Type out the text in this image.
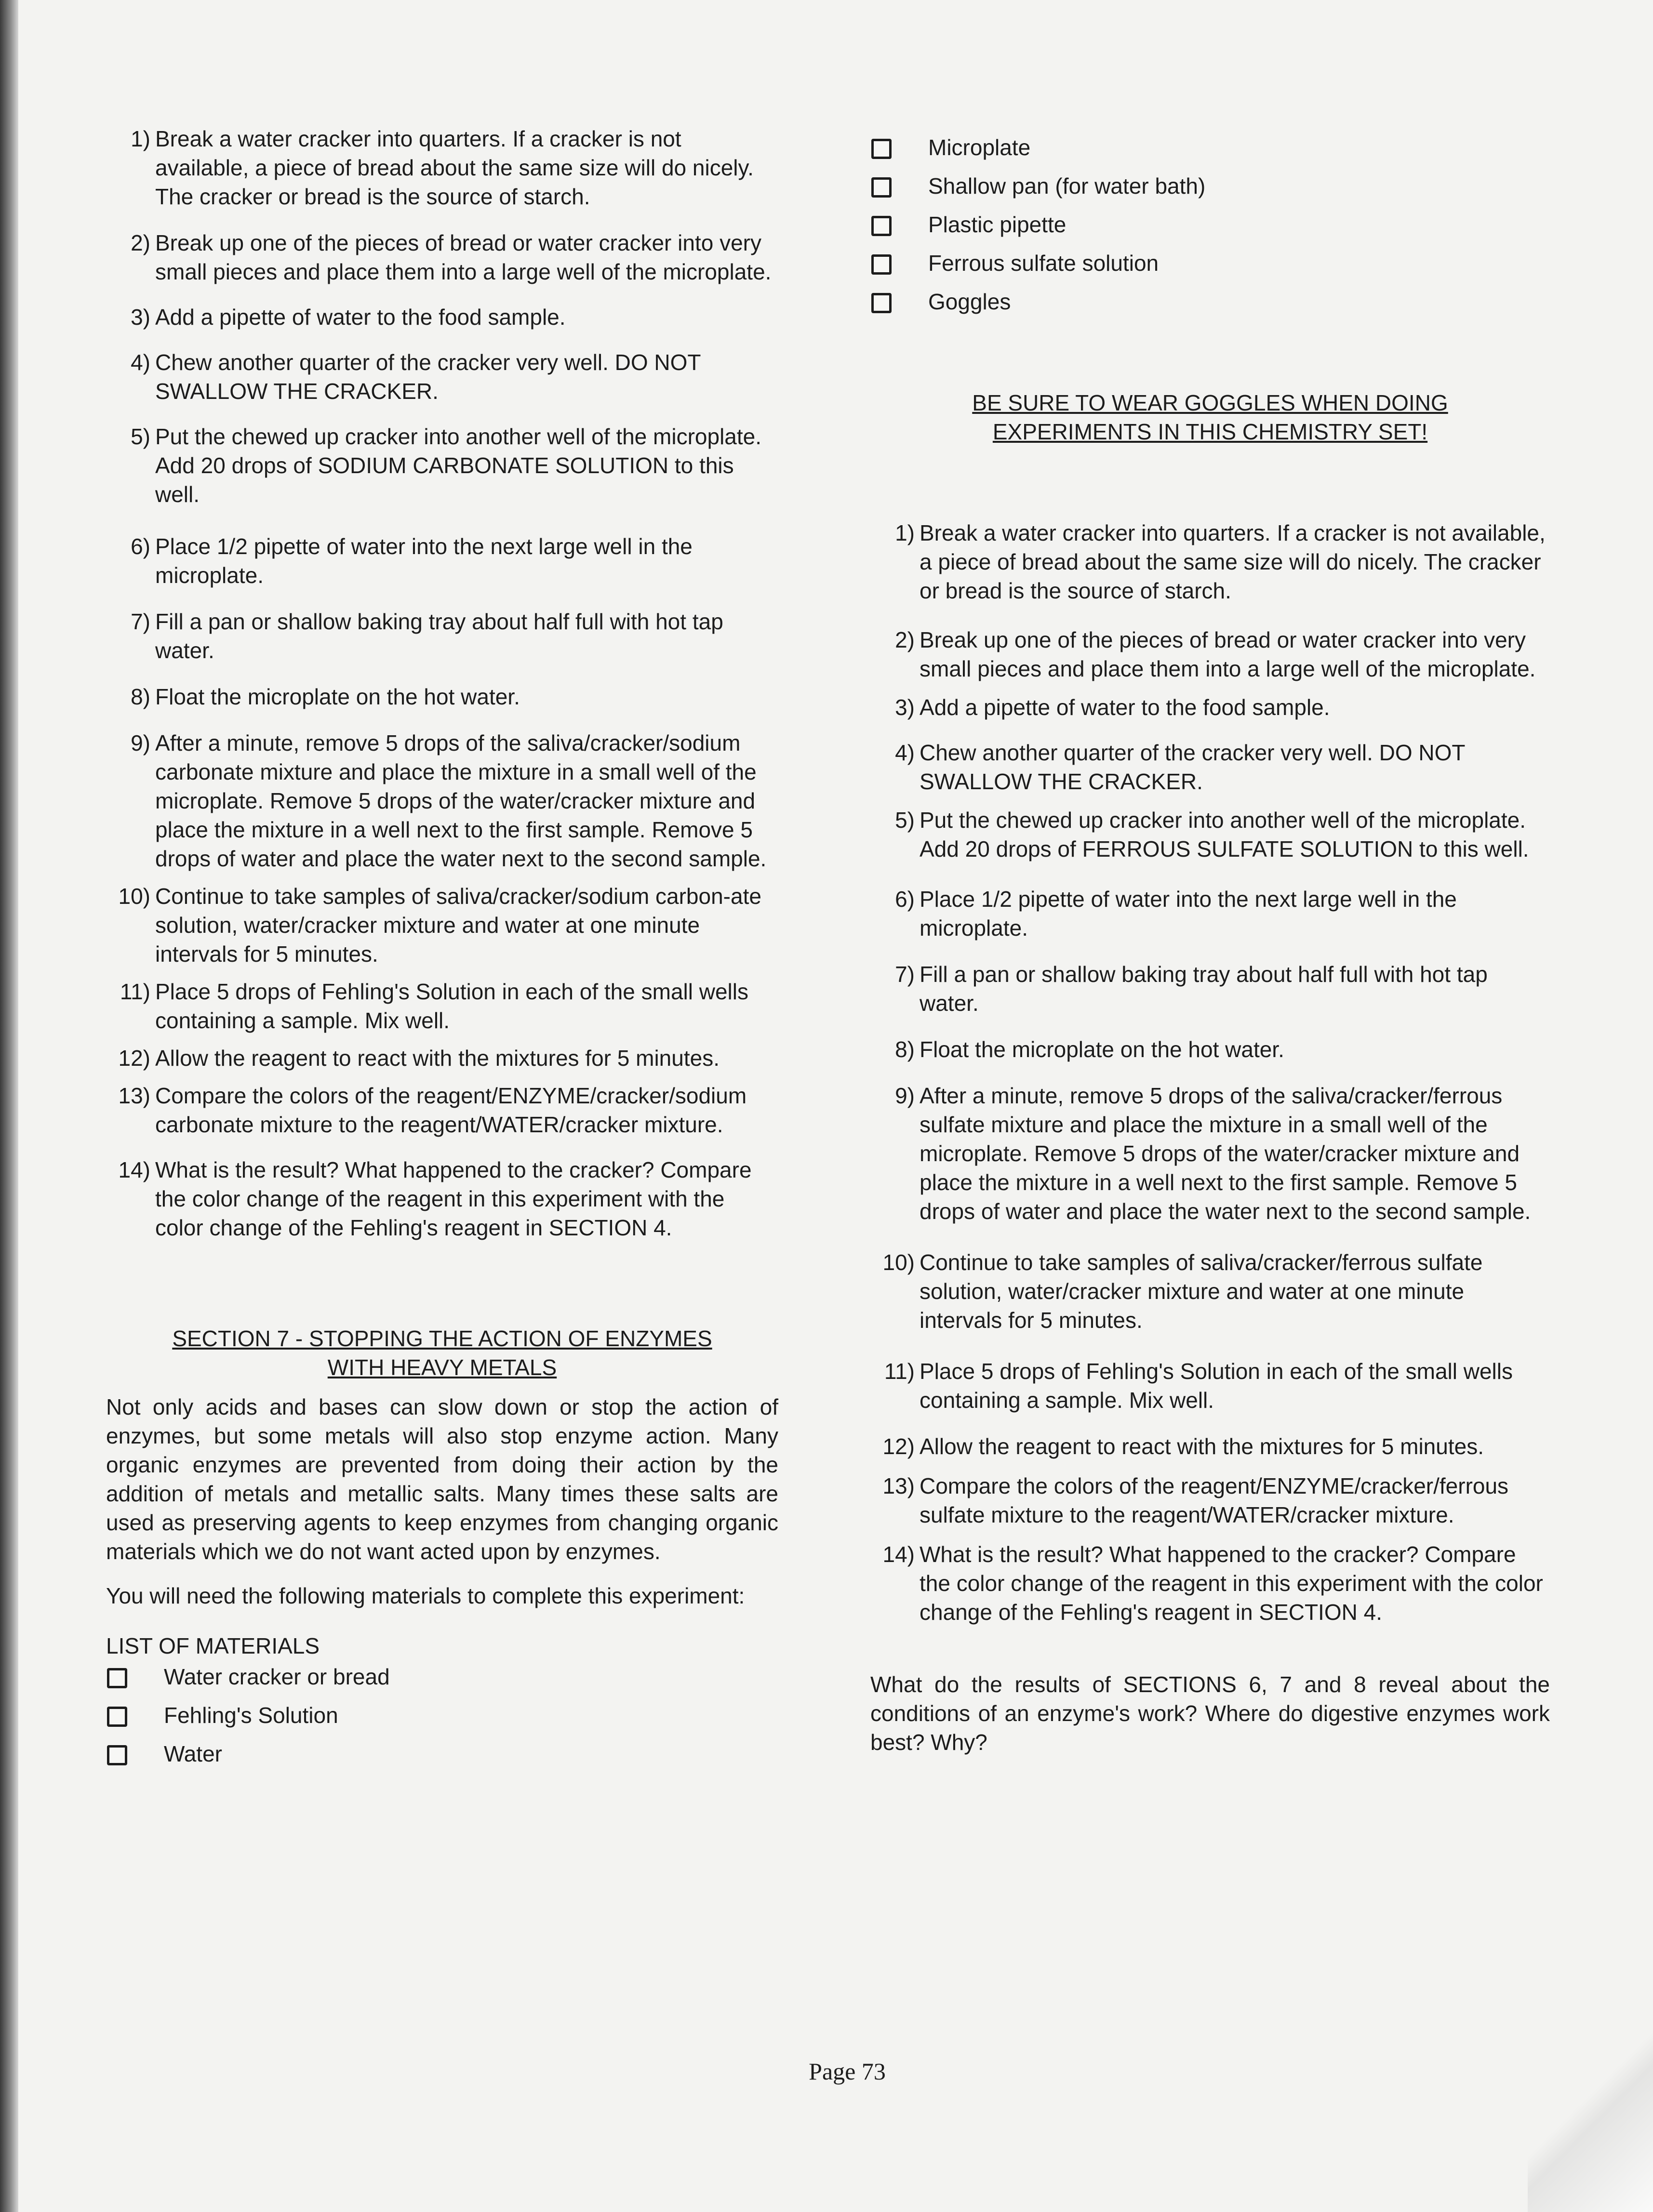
1) Break a water cracker into quarters. If a cracker is not available, a piece of bread about the same size will do nicely. The cracker or bread is the source of starch.
2) Break up one of the pieces of bread or water cracker into very small pieces and place them into a large well of the microplate.
3) Add a pipette of water to the food sample.
4) Chew another quarter of the cracker very well. DO NOT SWALLOW THE CRACKER.
5) Put the chewed up cracker into another well of the microplate. Add 20 drops of SODIUM CARBONATE SOLUTION to this well.
6) Place 1/2 pipette of water into the next large well in the microplate.
7) Fill a pan or shallow baking tray about half full with hot tap water.
8) Float the microplate on the hot water.
9) After a minute, remove 5 drops of the saliva/cracker/sodium carbonate mixture and place the mixture in a small well of the microplate. Remove 5 drops of the water/cracker mixture and place the mixture in a well next to the first sample. Remove 5 drops of water and place the water next to the second sample.
10) Continue to take samples of saliva/cracker/sodium carbon-ate solution, water/cracker mixture and water at one minute intervals for 5 minutes.
11) Place 5 drops of Fehling's Solution in each of the small wells containing a sample. Mix well.
12) Allow the reagent to react with the mixtures for 5 minutes.
13) Compare the colors of the reagent/ENZYME/cracker/sodium carbonate mixture to the reagent/WATER/cracker mixture.
14) What is the result? What happened to the cracker? Compare the color change of the reagent in this experiment with the color change of the Fehling's reagent in SECTION 4.

SECTION 7 - STOPPING THE ACTION OF ENZYMES
WITH HEAVY METALS

Not only acids and bases can slow down or stop the action of enzymes, but some metals will also stop enzyme action. Many organic enzymes are prevented from doing their action by the addition of metals and metallic salts. Many times these salts are used as preserving agents to keep enzymes from changing organic materials which we do not want acted upon by enzymes.

You will need the following materials to complete this experiment:

LIST OF MATERIALS

Water cracker or bread
Fehling's Solution
Water
Microplate
Shallow pan (for water bath)
Plastic pipette
Ferrous sulfate solution
Goggles

BE SURE TO WEAR GOGGLES WHEN DOING
EXPERIMENTS IN THIS CHEMISTRY SET!

1) Break a water cracker into quarters. If a cracker is not available, a piece of bread about the same size will do nicely. The cracker or bread is the source of starch.
2) Break up one of the pieces of bread or water cracker into very small pieces and place them into a large well of the microplate.
3) Add a pipette of water to the food sample.
4) Chew another quarter of the cracker very well. DO NOT SWALLOW THE CRACKER.
5) Put the chewed up cracker into another well of the microplate. Add 20 drops of FERROUS SULFATE SOLUTION to this well.
6) Place 1/2 pipette of water into the next large well in the microplate.
7) Fill a pan or shallow baking tray about half full with hot tap water.
8) Float the microplate on the hot water.
9) After a minute, remove 5 drops of the saliva/cracker/ferrous sulfate mixture and place the mixture in a small well of the microplate. Remove 5 drops of the water/cracker mixture and place the mixture in a well next to the first sample. Remove 5 drops of water and place the water next to the second sample.
10) Continue to take samples of saliva/cracker/ferrous sulfate solution, water/cracker mixture and water at one minute intervals for 5 minutes.
11) Place 5 drops of Fehling's Solution in each of the small wells containing a sample. Mix well.
12) Allow the reagent to react with the mixtures for 5 minutes.
13) Compare the colors of the reagent/ENZYME/cracker/ferrous sulfate mixture to the reagent/WATER/cracker mixture.
14) What is the result? What happened to the cracker? Compare the color change of the reagent in this experiment with the color change of the Fehling's reagent in SECTION 4.

What do the results of SECTIONS 6, 7 and 8 reveal about the conditions of an enzyme's work? Where do digestive enzymes work best? Why?

Page 73
